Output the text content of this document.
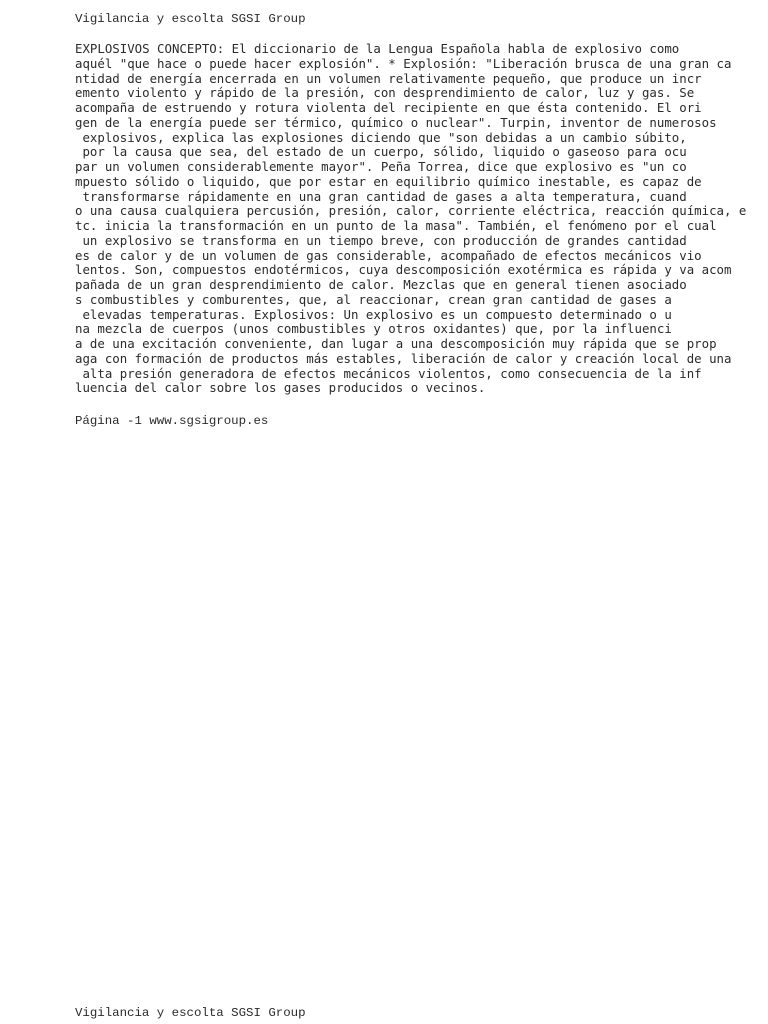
Vigilancia y escolta SGSI Group
EXPLOSIVOS CONCEPTO: El diccionario de la Lengua Española habla de explosivo como
aquél "que hace o puede hacer explosión". * Explosión: "Liberación brusca de una gran ca
ntidad de energía encerrada en un volumen relativamente pequeño, que produce un incr
emento violento y rápido de la presión, con desprendimiento de calor, luz y gas. Se
acompaña de estruendo y rotura violenta del recipiente en que ésta contenido. El ori
gen de la energía puede ser térmico, químico o nuclear". Turpin, inventor de numerosos
explosivos, explica las explosiones diciendo que "son debidas a un cambio súbito,
por la causa que sea, del estado de un cuerpo, sólido, liquido o gaseoso para ocu
par un volumen considerablemente mayor". Peña Torrea, dice que explosivo es "un co
mpuesto sólido o liquido, que por estar en equilibrio químico inestable, es capaz de
transformarse rápidamente en una gran cantidad de gases a alta temperatura, cuand
o una causa cualquiera percusión, presión, calor, corriente eléctrica, reacción química, e
tc. inicia la transformación en un punto de la masa". También, el fenómeno por el cual
un explosivo se transforma en un tiempo breve, con producción de grandes cantidad
es de calor y de un volumen de gas considerable, acompañado de efectos mecánicos vio
lentos. Son, compuestos endotérmicos, cuya descomposición exotérmica es rápida y va acom
pañada de un gran desprendimiento de calor. Mezclas que en general tienen asociado
s combustibles y comburentes, que, al reaccionar, crean gran cantidad de gases a
elevadas temperaturas. Explosivos: Un explosivo es un compuesto determinado o u
na mezcla de cuerpos (unos combustibles y otros oxidantes) que, por la influenci
a de una excitación conveniente, dan lugar a una descomposición muy rápida que se prop
aga con formación de productos más estables, liberación de calor y creación local de una
alta presión generadora de efectos mecánicos violentos, como consecuencia de la inf
luencia del calor sobre los gases producidos o vecinos.
Página -1 www.sgsigroup.es
Vigilancia y escolta SGSI Group
